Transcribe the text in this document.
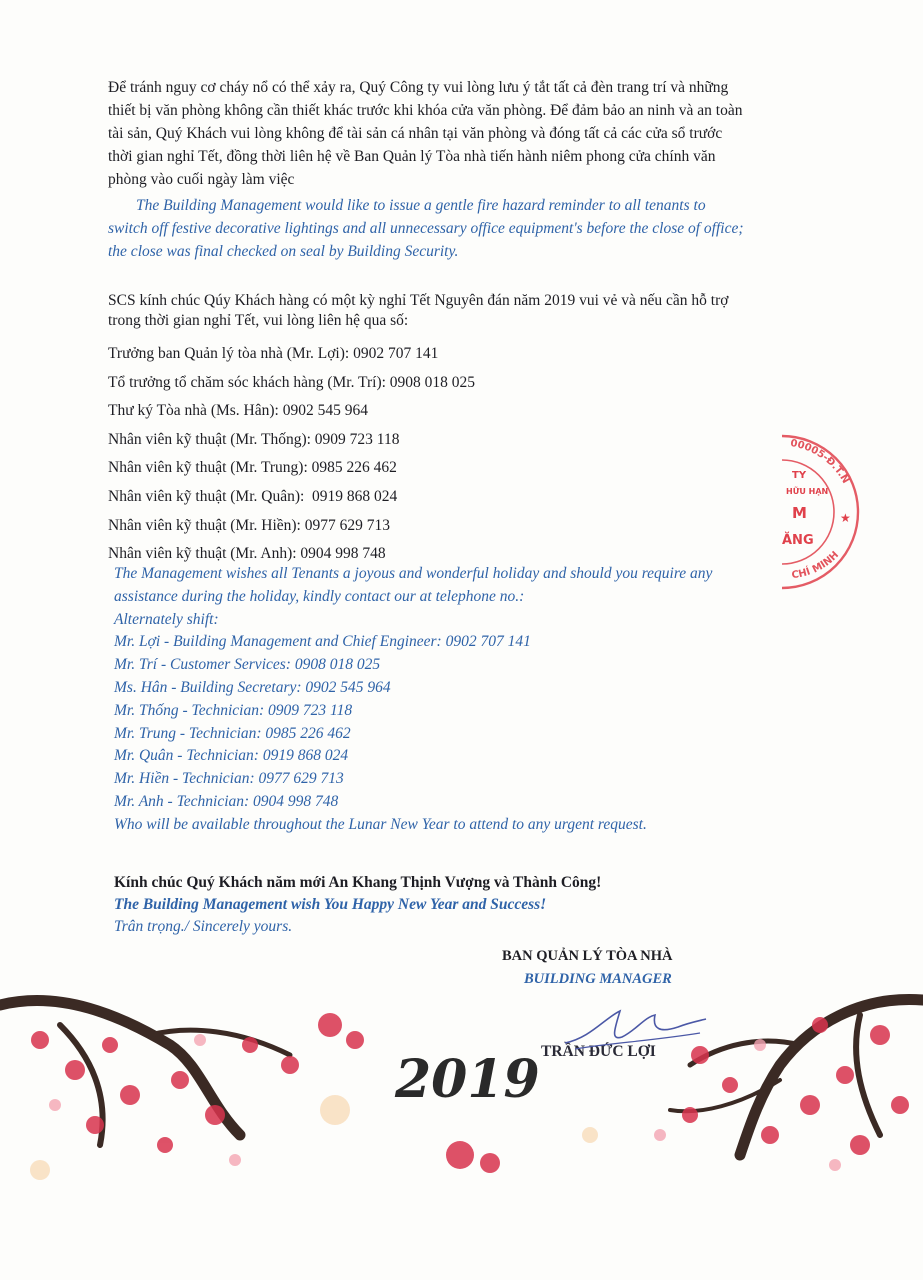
Để tránh nguy cơ cháy nổ có thể xảy ra, Quý Công ty vui lòng lưu ý tắt tất cả đèn trang trí và những
thiết bị văn phòng không cần thiết khác trước khi khóa cửa văn phòng. Để đảm bảo an ninh và an toàn
tài sản, Quý Khách vui lòng không để tài sản cá nhân tại văn phòng và đóng tất cả các cửa sổ trước
thời gian nghỉ Tết, đồng thời liên hệ về Ban Quản lý Tòa nhà tiến hành niêm phong cửa chính văn
phòng vào cuối ngày làm việc
The Building Management would like to issue a gentle fire hazard reminder to all tenants to
switch off festive decorative lightings and all unnecessary office equipment's before the close of office;
the close was final checked on seal by Building Security.
SCS kính chúc Qúy Khách hàng có một kỳ nghỉ Tết Nguyên đán năm 2019 vui vẻ và nếu cần hỗ trợ
trong thời gian nghỉ Tết, vui lòng liên hệ qua số:
Trưởng ban Quản lý tòa nhà (Mr. Lợi): 0902 707 141
Tổ trưởng tổ chăm sóc khách hàng (Mr. Trí): 0908 018 025
Thư ký Tòa nhà (Ms. Hân): 0902 545 964
Nhân viên kỹ thuật (Mr. Thống): 0909 723 118
Nhân viên kỹ thuật (Mr. Trung): 0985 226 462
Nhân viên kỹ thuật (Mr. Quân):  0919 868 024
Nhân viên kỹ thuật (Mr. Hiền): 0977 629 713
Nhân viên kỹ thuật (Mr. Anh): 0904 998 748
00005-Đ.T.N
CHÍ MINH
TY
HỮU HẠN
M
ĂNG
★
The Management wishes all Tenants a joyous and wonderful holiday and should you require any
assistance during the holiday, kindly contact our at telephone no.:
Alternately shift:
Mr. Lợi - Building Management and Chief Engineer: 0902 707 141
Mr. Trí - Customer Services: 0908 018 025
Ms. Hân - Building Secretary: 0902 545 964
Mr. Thống - Technician: 0909 723 118
Mr. Trung - Technician: 0985 226 462
Mr. Quân - Technician: 0919 868 024
Mr. Hiền - Technician: 0977 629 713
Mr. Anh - Technician: 0904 998 748
Who will be available throughout the Lunar New Year to attend to any urgent request.
Kính chúc Quý Khách năm mới An Khang Thịnh Vượng và Thành Công!
The Building Management wish You Happy New Year and Success!
Trân trọng./ Sincerely yours.
BAN QUẢN LÝ TÒA NHÀ
BUILDING MANAGER
2019 TRẦN ĐỨC LỢI
